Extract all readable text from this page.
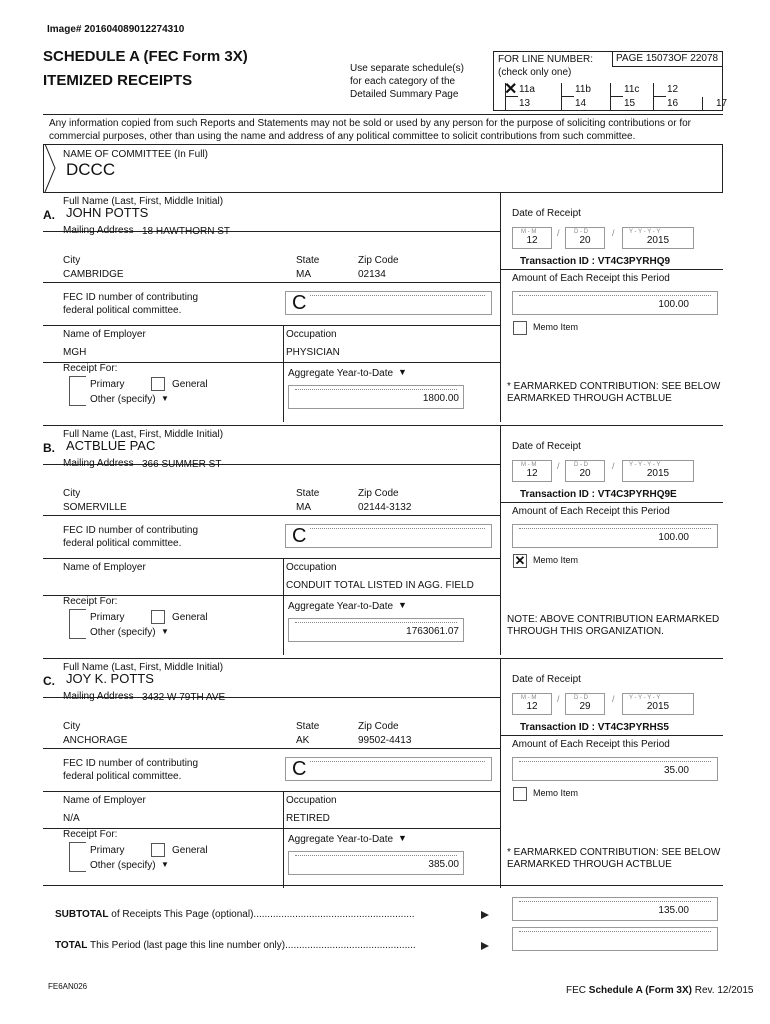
Image# 201604089012274310
SCHEDULE A (FEC Form 3X)
ITEMIZED RECEIPTS
Use separate schedule(s)
for each category of the
Detailed Summary Page
FOR LINE NUMBER:
(check only one)
PAGE 15073OF 22078
11a
✕	11b	11c	12
13	14	15	16	17
Any information copied from such Reports and Statements may not be sold or used by any person for the purpose of soliciting contributions or for commercial purposes, other than using the name and address of any political committee to solicit contributions from such committee.
NAME OF COMMITTEE (In Full)
DCCC
Full Name (Last, First, Middle Initial)
A. JOHN POTTS
Mailing Address 18 HAWTHORN ST
City
CAMBRIDGE
State
MA
Zip Code
02134
FEC ID number of contributing
federal political committee.	C
Name of Employer
MGH
Occupation
PHYSICIAN
Receipt For:
Primary	General
Other (specify) ▼
Aggregate Year-to-Date ▼
1800.00
Date of Receipt
M - M
12
/ D - D
20
/ Y - Y - Y - Y
2015
Transaction ID : VT4C3PYRHQ9
Amount of Each Receipt this Period
100.00
Memo Item
* EARMARKED CONTRIBUTION: SEE BELOW
EARMARKED THROUGH ACTBLUE
Full Name (Last, First, Middle Initial)
B. ACTBLUE PAC
Mailing Address 366 SUMMER ST
City
SOMERVILLE
State
MA
Zip Code
02144-3132
FEC ID number of contributing
federal political committee.	C
Name of Employer	Occupation
CONDUIT TOTAL LISTED IN AGG. FIELD
Receipt For:
Primary	General
Other (specify) ▼
Aggregate Year-to-Date ▼
1763061.07
Date of Receipt
M - M
12
/ D - D
20
/ Y - Y - Y - Y
2015
Transaction ID : VT4C3PYRHQ9E
Amount of Each Receipt this Period
100.00
✕ Memo Item
NOTE: ABOVE CONTRIBUTION EARMARKED
THROUGH THIS ORGANIZATION.
Full Name (Last, First, Middle Initial)
C. JOY K. POTTS
Mailing Address 3432 W 79TH AVE
City
ANCHORAGE
State
AK
Zip Code
99502-4413
FEC ID number of contributing
federal political committee.	C
Name of Employer
N/A
Occupation
RETIRED
Receipt For:
Primary	General
Other (specify) ▼
Aggregate Year-to-Date ▼
385.00
Date of Receipt
M - M
12
/ D - D
29
/ Y - Y - Y - Y
2015
Transaction ID : VT4C3PYRHS5
Amount of Each Receipt this Period
35.00
Memo Item
* EARMARKED CONTRIBUTION: SEE BELOW
EARMARKED THROUGH ACTBLUE
SUBTOTAL of Receipts This Page (optional)..........................................................	135.00
TOTAL This Period (last page this line number only)...............................................
FE6AN026	FEC Schedule A (Form 3X) Rev. 12/2015
